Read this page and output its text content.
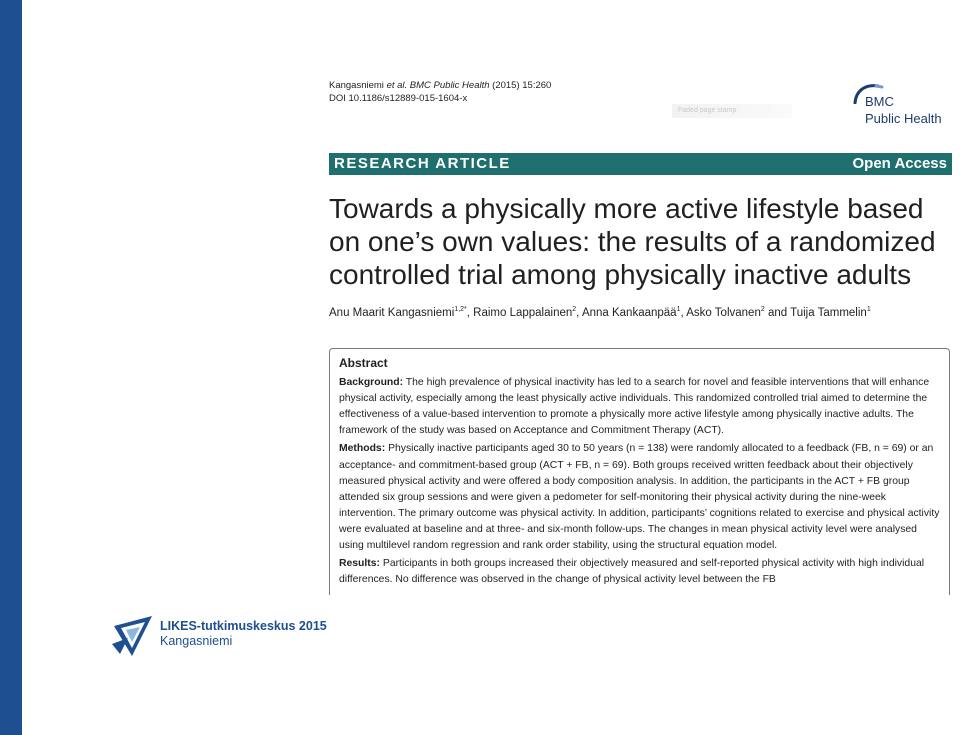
Kangasniemi et al. BMC Public Health (2015) 15:260
DOI 10.1186/s12889-015-1604-x
Faded page stamp
BMC
Public Health
RESEARCH ARTICLE	Open Access
Towards a physically more active lifestyle based on one’s own values: the results of a randomized controlled trial among physically inactive adults
Anu Maarit Kangasniemi$^{1,2*}$, Raimo Lappalainen$^2$, Anna Kankaanpää$^1$, Asko Tolvanen$^2$ and Tuija Tammelin$^1$
Abstract

Background: The high prevalence of physical inactivity has led to a search for novel and feasible interventions that will enhance physical activity, especially among the least physically active individuals. This randomized controlled trial aimed to determine the effectiveness of a value-based intervention to promote a physically more active lifestyle among physically inactive adults. The framework of the study was based on Acceptance and Commitment Therapy (ACT).

Methods: Physically inactive participants aged 30 to 50 years (n = 138) were randomly allocated to a feedback (FB, n = 69) or an acceptance- and commitment-based group (ACT + FB, n = 69). Both groups received written feedback about their objectively measured physical activity and were offered a body composition analysis. In addition, the participants in the ACT + FB group attended six group sessions and were given a pedometer for self-monitoring their physical activity during the nine-week intervention. The primary outcome was physical activity. In addition, participants’ cognitions related to exercise and physical activity were evaluated at baseline and at three- and six-month follow-ups. The changes in mean physical activity level were analysed using multilevel random regression and rank order stability, using the structural equation model.

Results: Participants in both groups increased their objectively measured and self-reported physical activity with high individual differences. No difference was observed in the change of physical activity level between the FB

LIKES-tutkimuskeskus 2015
Kangasniemi
